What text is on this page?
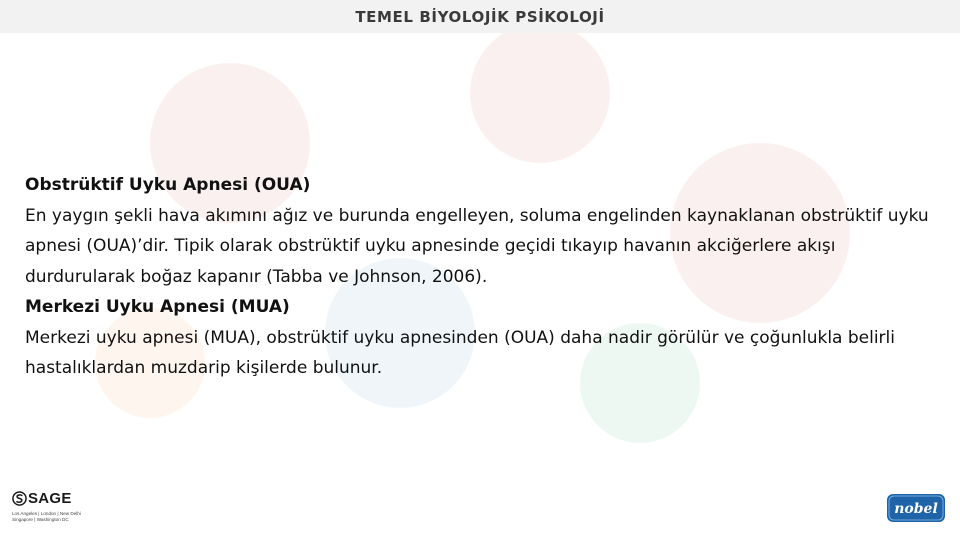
TEMEL BİYOLOJİK PSİKOLOJİ

Obstrüktif Uyku Apnesi (OUA)

En yaygın şekli hava akımını ağız ve burunda engelleyen, soluma engelinden kaynaklanan obstrüktif uyku apnesi (OUA)’dir. Tipik olarak obstrüktif uyku apnesinde geçidi tıkayıp havanın akciğerlere akışı durdurularak boğaz kapanır (Tabba ve Johnson, 2006).

Merkezi Uyku Apnesi (MUA)

Merkezi uyku apnesi (MUA), obstrüktif uyku apnesinden (OUA) daha nadir görülür ve çoğunlukla belirli hastalıklardan muzdarip kişilerde bulunur.

SAGE
Los Angeles | London | New Delhi
Singapore | Washington DC
nobel
